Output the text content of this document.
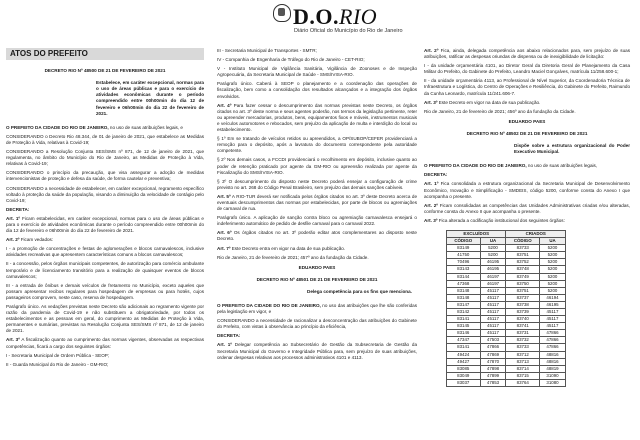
D.O.RIO
Diário Oficial do Município do Rio de Janeiro
ATOS DO PREFEITO
DECRETO RIO Nº 48500 DE 21 DE FEVEREIRO DE 2021
Estabelece, em caráter excepcional, normas para o uso de áreas públicas e para o exercício de atividades econômicas durante o período compreendido entre 00h00min do dia 12 de fevereiro e 06h00min do dia 22 de fevereiro de 2021.

O PREFEITO DA CIDADE DO RIO DE JANEIRO, no uso de suas atribuições legais, e

CONSIDERANDO o Decreto Rio 48.344, de 01 de janeiro de 2021, que estabelece as Medidas de Proteção à Vida, relativas à Covid-19;

CONSIDERANDO a Resolução Conjunta SES/SMS nº 871, de 12 de janeiro de 2021, que regulamenta, no âmbito do Município do Rio de Janeiro, as Medidas de Proteção à Vida, relativas à Covid-19;

CONSIDERANDO o princípio da precaução, que visa assegurar a adoção de medidas intervencionistas de proteção e defesa da saúde, de forma cautelar e preventiva;

CONSIDERANDO a necessidade de estabelecer, em caráter excepcional, regramento específico voltado à proteção da saúde da população, visando a diminuição da velocidade de contágio pelo Covid-19;

DECRETA:

Art. 1º Ficam estabelecidas, em caráter excepcional, normas para o uso de áreas públicas e para o exercício de atividades econômicas durante o período compreendido entre 00h00min do dia 12 de fevereiro e 06h00min do dia 22 de fevereiro de 2021.

Art. 2º Ficam vedados:

I - a promoção de concentrações e festas de aglomerações e blocos carnavalescos, inclusive atividades recreativas que apresentem características comuns a blocos carnavalescos;

II - a concessão, pelos órgãos municipais competentes, de autorização para comércio ambulante temporário e de licenciamento transitório para a realização de quaisquer eventos de blocos carnavalescos;

III - a entrada de ônibus e demais veículos de fretamento no Município, exceto aqueles que possam apresentar recibos regulares para hospedagem de empresas ou para hotéis, cujos passageiros comprovem, neste caso, reserva de hospedagem.

Parágrafo único. As vedações previstas neste Decreto são adicionais ao regramento vigente por razão da pandemia de Covid-19 e não substituem a obrigatoriedade, por todos os estabelecimentos e as pessoas em geral, do cumprimento as Medidas de Proteção à Vida, permanentes e sumárias, previstas na Resolução Conjunta SES/SMS nº 871, de 12 de janeiro de 2021.

Art. 3º A fiscalização quanto ao cumprimento das normas vigentes, observadas as respectivas competências, ficará a cargo dos seguintes órgãos:

I - Secretaria Municipal de Ordem Pública - SEOP;

II - Guarda Municipal do Rio de Janeiro - GM-RIO;

III - Secretaria Municipal de Transportes - SMTR;

IV - Companhia de Engenharia de Tráfego do Rio de Janeiro - CET-RIO;

V - Instituto Municipal de Vigilância Sanitária, Vigilância de Zoonoses e de Inspeção Agropecuária, da Secretaria Municipal de Saúde - SMS/IVISA-RIO.

Parágrafo único. Caberá à SEOP o planejamento e a coordenação das operações de fiscalização, bem como a consolidação dos resultados alcançados e a integração dos órgãos envolvidos.

Art. 4º Para fazer cessar o descumprimento das normas previstas neste Decreto, os órgãos citados no art. 3º deste norma e seus agentes poderão, nos termos da legislação pertinente, reter ou apreender mercadorias, produtos, bens, equipamentos fixos e móveis, instrumentos musicais e veículos automotores e rebocados, sem prejuízo da aplicação de multa e interdição do local ou estabelecimento.

§ 1º Em se tratando de veículos retidos ou apreendidos, a OP/SUBOP/CEFER providenciará a remoção para o depósito, após a lavratura do documento correspondente pela autoridade competente.

§ 2º Nos demais casos, a FCCDI providenciará o recolhimento em depósito, inclusive quanto ao poder de retenção praticado por agente da GM-RIO ou apreensão realizada por agente da Fiscalização do SMS/IVISA-RIO.

§ 3º O descumprimento do disposto neste Decreto poderá ensejar a configuração de crime previsto no art. 268 do Código Penal Brasileiro, sem prejuízo das demais sanções cabíveis.

Art. 5º A RIO-TUR deverá ser notificada pelos órgãos citados no art. 3º deste Decreto acerca de eventuais descumprimentos das normas por estabelecidas, por parte de blocos ou agremiações de carnaval de rua.

Parágrafo único. A aplicação de sanção contra bloco ou agremiação carnavalesca ensejará o indeferimento automático de pedido de desfile carnaval para o carnaval 2022.

Art. 6º Os órgãos citados no art. 3º poderão editar atos complementares ao disposto neste Decreto.

Art. 7º Este Decreto entra em vigor na data de sua publicação.

Rio de Janeiro, 21 de fevereiro de 2021; 457º ano da fundação da Cidade.

EDUARDO PAES
DECRETO RIO Nº 48501 DE 21 DE FEVEREIRO DE 2021
Delega competência para os fins que menciona.

O PREFEITO DA CIDADE DO RIO DE JANEIRO, no uso das atribuições que lhe são conferidas pela legislação em vigor, e

CONSIDERANDO a necessidade de racionalizar a desconcentração das atribuições do Gabinete do Prefeito, com vistas à observância ao princípio da eficiência,

DECRETA:

Art. 1º Delegar competência ao Subsecretário de Gestão da Subsecretaria de Gestão da Secretaria Municipal do Governo e Integridade Pública para, sem prejuízo de suas atribuições, ordenar despesas relativas aos processos administrativos 4101 e 4113.

Art. 2º Fica, ainda, delegada competência aos abaixo relacionados para, sem prejuízo de suas atribuições, ratificar as despesas oriundas de dispensa ou de inexigibilidade de licitação:

I - da unidade orçamentária 4101, ao Diretor Geral da Diretoria Geral de Planejamento da Casa Militar do Prefeito, do Gabinete do Prefeito, Leandro Maciel Gonçalves, matrícula 11/258.600-1;

II - da unidade orçamentária 4113, ao Professional de Nível Superior, da Coordenadoria Técnica de Infraestrutura e Logística, do Centro de Operações e Resiliência, do Gabinete do Prefeito, Raimundo da Cunha Leonardo, matrícula 11/241.606-7.

Art. 3º Este Decreto em vigor na data de sua publicação.

Rio de Janeiro, 21 de fevereiro de 2021; 456º ano da fundação da Cidade.

EDUARDO PAES
DECRETO RIO Nº 48502 DE 21 DE FEVEREIRO DE 2021
Dispõe sobre a estrutura organizacional do Poder Executivo Municipal.

O PREFEITO DA CIDADE DO RIO DE JANEIRO, no uso de suas atribuições legais,

DECRETA:

Art. 1º Fica consolidada a estrutura organizacional da Secretaria Municipal de Desenvolvimento Econômico, Inovação e Simplificação - SMDEIS, código 5200, conforme consta do Anexo I que acompanha o presente.

Art. 2º Ficam consolidadas as competências das Unidades Administrativas criadas e/ou alteradas, conforme consta do Anexo II que acompanha o presente.

Art. 3º Fica alterada a codificação institucional dos seguintes órgãos:

EXCLUÍDOS		CRIADOS	
CÓDIGO	UA	CÓDIGO	UA
83149	5200	83733	5200
41750	5200	83751	5200
70496	46195	83752	5200
83143	46195	83748	5200
83144	46197	83749	5200
47368	46197	83750	5200
83148	45117	83751	5200
83148	45117	83737	46194
83147	45117	83738	46195
83142	45117	83739	45117
83141	45117	83740	45117
83145	45117	83741	45117
83146	45117	83731	47866
47347	47503	83732	47866
83141	47866	83733	47866
49424	47869	83712	48816
49427	47870	83713	48816
83085	47898	83714	48819
83049	47899	83715	31090
83037	47853	83764	31080
